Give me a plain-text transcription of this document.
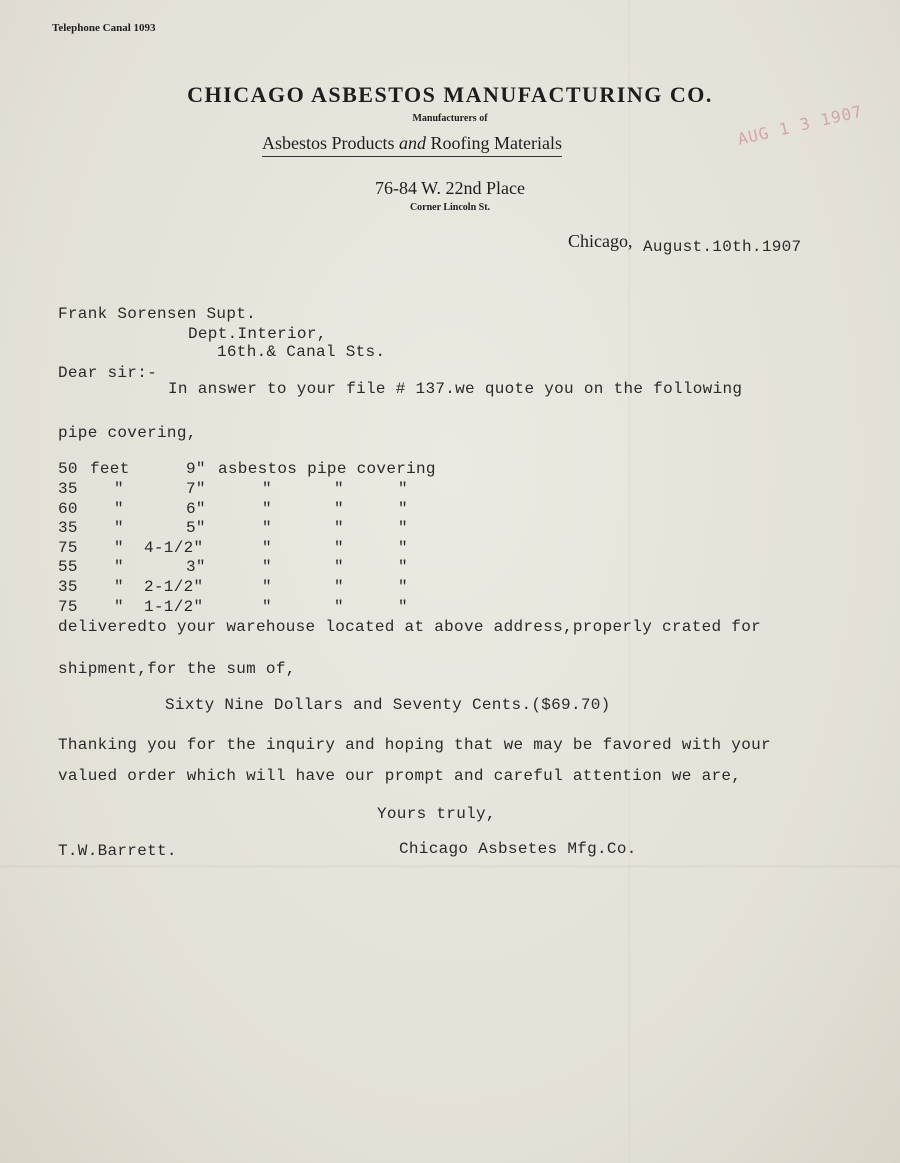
Telephone Canal 1093
CHICAGO ASBESTOS MANUFACTURING CO.
Manufacturers of
Asbestos Products and Roofing Materials
76-84 W. 22nd Place
Corner Lincoln St.
AUG 1 3 1907
Chicago, August.10th.1907
Frank Sorensen Supt.
Dept.Interior,
16th.& Canal Sts.
Dear sir:-
In answer to your file # 137.we quote you on the following
pipe covering,
50 feet	9" asbestos pipe covering
35 "	7"	"	"	"
60 "	6"	"	"	"
35 "	5"	"	"	"
75 " 4-1/2"	"	"	"
55 "	3"	"	"	"
35 " 2-1/2"	"	"	"
75 " 1-1/2"	"	"	"
deliveredto your warehouse located at above address,properly crated for
shipment,for the sum of,
Sixty Nine Dollars and Seventy Cents.($69.70)
Thanking you for the inquiry and hoping that we may be favored with your
valued order which will have our prompt and careful attention we are,
Yours truly,
T.W.Barrett.	Chicago Asbsetes Mfg.Co.
